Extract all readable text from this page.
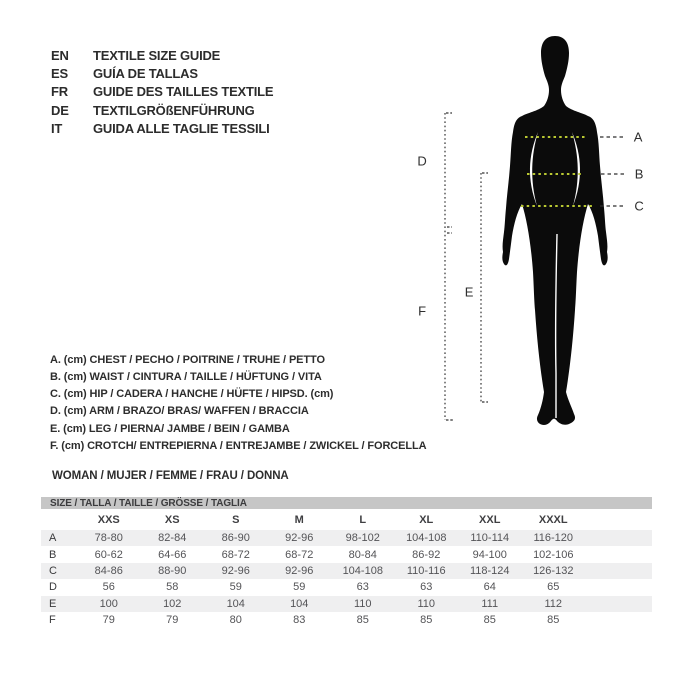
EN	TEXTILE SIZE GUIDE
ES	GUÍA DE TALLAS
FR	GUIDE DES TAILLES TEXTILE
DE	TEXTILGRÖßENFÜHRUNG
IT	GUIDA ALLE TAGLIE TESSILI
A
B
C
D
E
F
A. (cm) CHEST / PECHO / POITRINE / TRUHE / PETTO
B. (cm) WAIST / CINTURA / TAILLE / HÜFTUNG / VITA
C. (cm) HIP / CADERA / HANCHE / HÜFTE / HIPSD. (cm)
D. (cm) ARM / BRAZO/ BRAS/ WAFFEN / BRACCIA
E. (cm) LEG / PIERNA/ JAMBE / BEIN / GAMBA
F. (cm) CROTCH/ ENTREPIERNA / ENTREJAMBE / ZWICKEL / FORCELLA
WOMAN / MUJER / FEMME / FRAU / DONNA
SIZE / TALLA / TAILLE / GRÖSSE / TAGLIA
XXS	XS	S	M	L	XL	XXL	XXXL
A	78-80	82-84	86-90	92-96	98-102	104-108	110-114	116-120
B	60-62	64-66	68-72	68-72	80-84	86-92	94-100	102-106
C	84-86	88-90	92-96	92-96	104-108	110-116	118-124	126-132
D	56	58	59	59	63	63	64	65
E	100	102	104	104	110	110	111	112
F	79	79	80	83	85	85	85	85
